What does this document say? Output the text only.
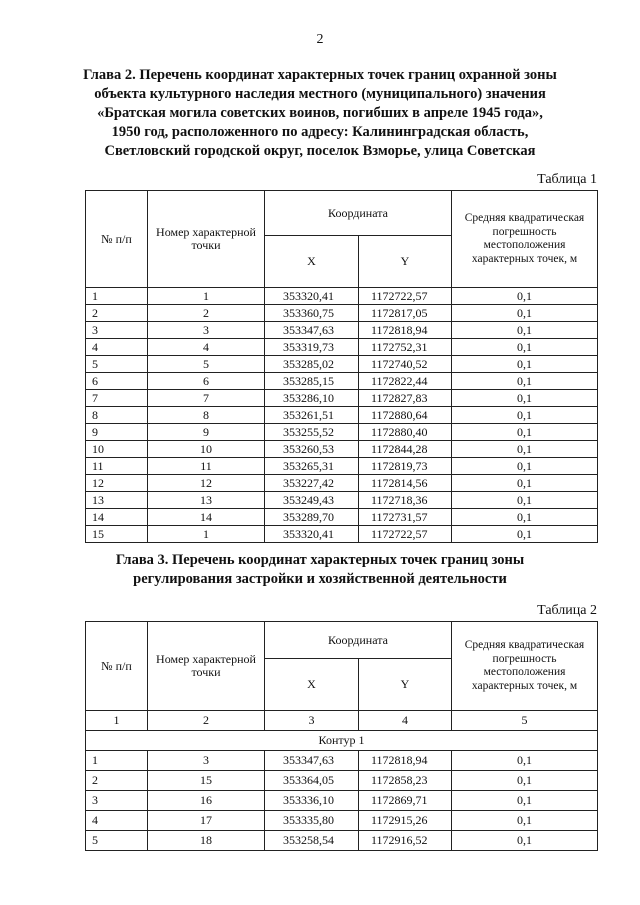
2
Глава 2. Перечень координат характерных точек границ охранной зоны
объекта культурного наследия местного (муниципального) значения
«Братская могила советских воинов, погибших в апреле 1945 года»,
1950 год, расположенного по адресу: Калининградская область,
Светловский городской округ, поселок Взморье, улица Советская
Таблица 1
№ п/п	Номер характерной точки	Координата		Средняя квадратическая погрешность местоположения характерных точек, м
		X	Y	
1	1	353320,41	1172722,57	0,1
2	2	353360,75	1172817,05	0,1
3	3	353347,63	1172818,94	0,1
4	4	353319,73	1172752,31	0,1
5	5	353285,02	1172740,52	0,1
6	6	353285,15	1172822,44	0,1
7	7	353286,10	1172827,83	0,1
8	8	353261,51	1172880,64	0,1
9	9	353255,52	1172880,40	0,1
10	10	353260,53	1172844,28	0,1
11	11	353265,31	1172819,73	0,1
12	12	353227,42	1172814,56	0,1
13	13	353249,43	1172718,36	0,1
14	14	353289,70	1172731,57	0,1
15	1	353320,41	1172722,57	0,1
Глава 3. Перечень координат характерных точек границ зоны
регулирования застройки и хозяйственной деятельности
Таблица 2
№ п/п	Номер характерной точки	Координата		Средняя квадратическая погрешность местоположения характерных точек, м
		X	Y	
1	2	3	4	5
Контур 1				
1	3	353347,63	1172818,94	0,1
2	15	353364,05	1172858,23	0,1
3	16	353336,10	1172869,71	0,1
4	17	353335,80	1172915,26	0,1
5	18	353258,54	1172916,52	0,1
